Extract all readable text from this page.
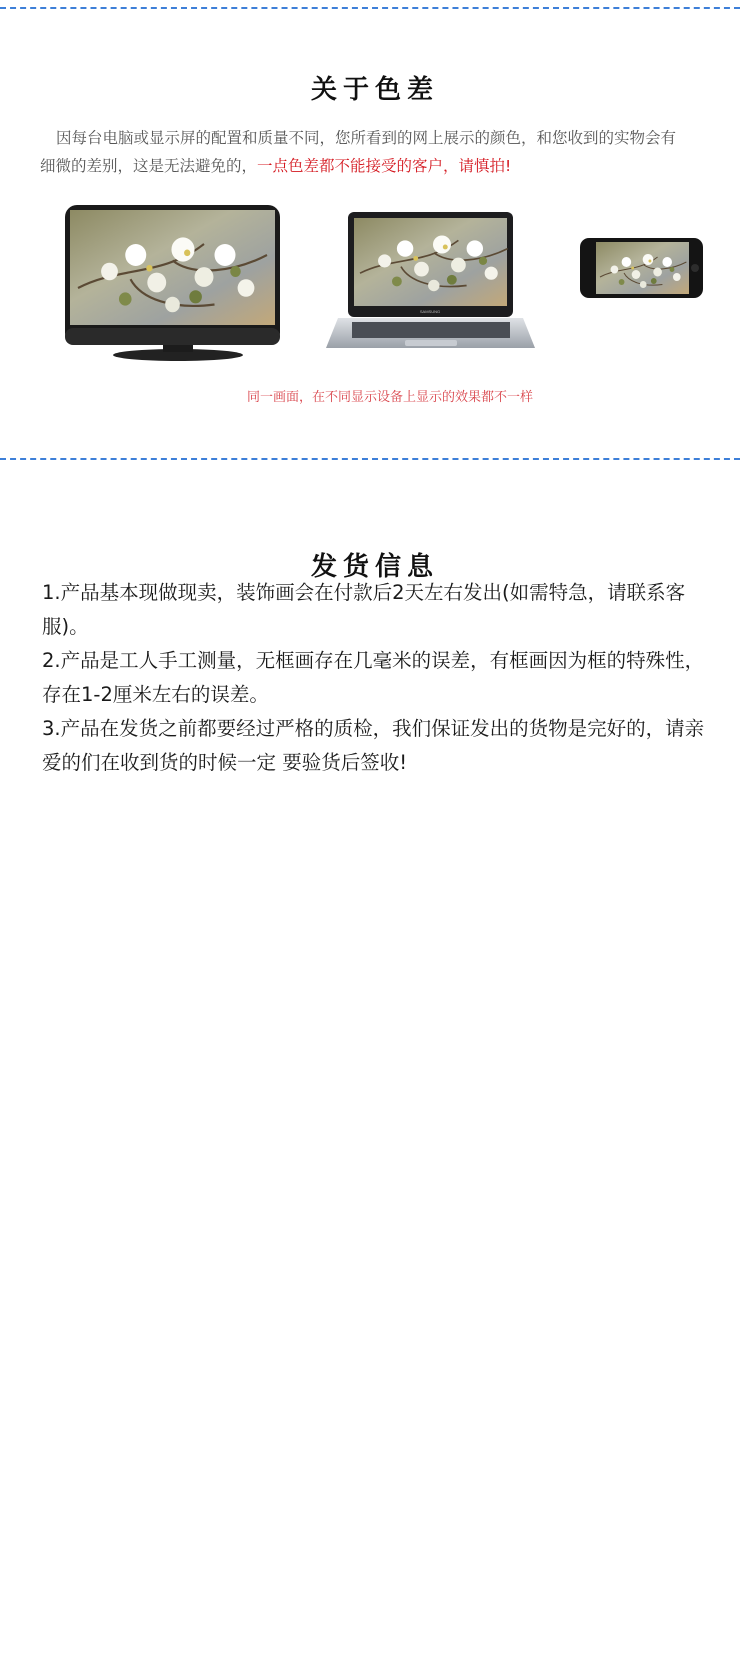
关于色差
因每台电脑或显示屏的配置和质量不同，您所看到的网上展示的颜色，和您收到的实物会有细微的差别，这是无法避免的，一点色差都不能接受的客户，请慎拍!
SAMSUNG
同一画面，在不同显示设备上显示的效果都不一样
发货信息

1.产品基本现做现卖，装饰画会在付款后2天左右发出(如需特急，请联系客服)。

2.产品是工人手工测量，无框画存在几毫米的误差，有框画因为框的特殊性，存在1-2厘米左右的误差。

3.产品在发货之前都要经过严格的质检，我们保证发出的货物是完好的，请亲爱的们在收到货的时候一定 要验货后签收!
